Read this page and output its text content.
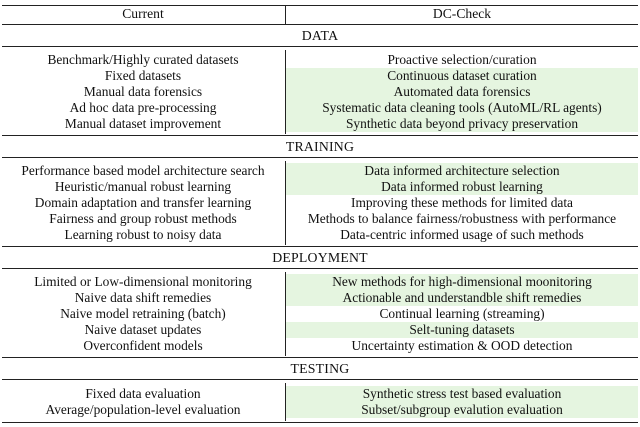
Current	DC-Check
DATA
Benchmark/Highly curated datasets	Proactive selection/curation
Fixed datasets	Continuous dataset curation
Manual data forensics	Automated data forensics
Ad hoc data pre-processing	Systematic data cleaning tools (AutoML/RL agents)
Manual dataset improvement	Synthetic data beyond privacy preservation
TRAINING
Performance based model architecture search	Data informed architecture selection
Heuristic/manual robust learning	Data informed robust learning
Domain adaptation and transfer learning	Improving these methods for limited data
Fairness and group robust methods	Methods to balance fairness/robustness with performance
Learning robust to noisy data	Data-centric informed usage of such methods
DEPLOYMENT
Limited or Low-dimensional monitoring	New methods for high-dimensional moonitoring
Naive data shift remedies	Actionable and understandble shift remedies
Naive model retraining (batch)	Continual learning (streaming)
Naive dataset updates	Selt-tuning datasets
Overconfident models	Uncertainty estimation & OOD detection
TESTING
Fixed data evaluation	Synthetic stress test based evaluation
Average/population-level evaluation	Subset/subgroup evalution evaluation
